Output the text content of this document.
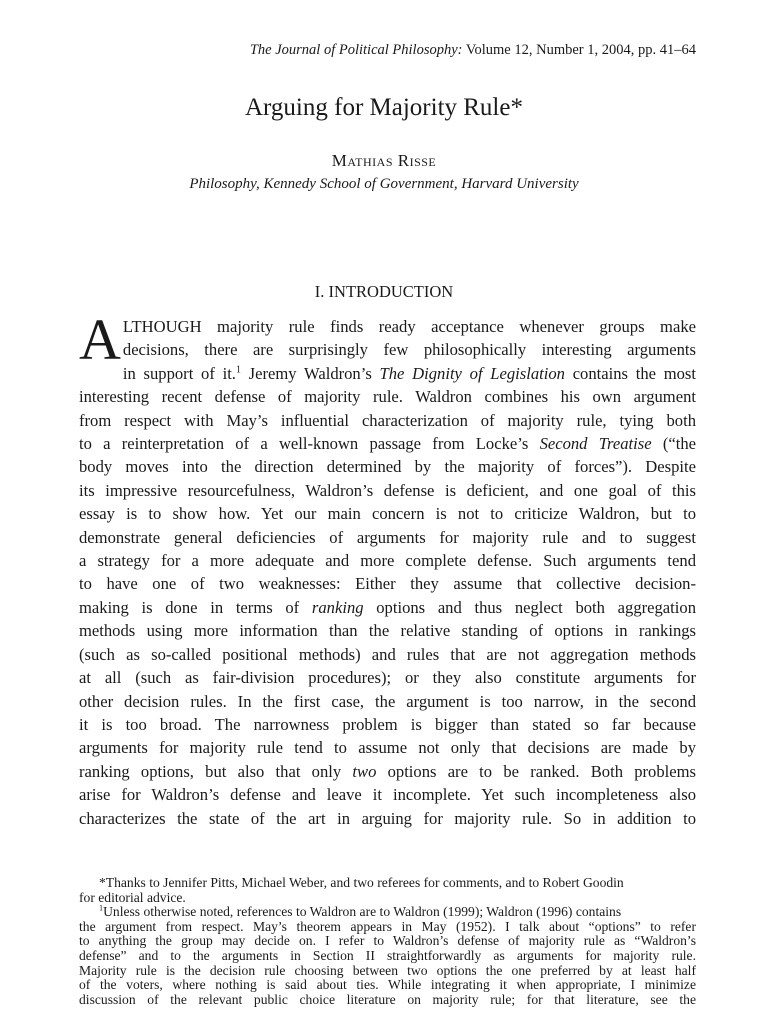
The Journal of Political Philosophy: Volume 12, Number 1, 2004, pp. 41–64
Arguing for Majority Rule*
Mathias Risse
Philosophy, Kennedy School of Government, Harvard University
I. INTRODUCTION
A LTHOUGH majority rule finds ready acceptance whenever groups make
decisions, there are surprisingly few philosophically interesting arguments
in support of it.$^1$ Jeremy Waldron’s The Dignity of Legislation contains the most
interesting recent defense of majority rule. Waldron combines his own argument
from respect with May’s influential characterization of majority rule, tying both
to a reinterpretation of a well-known passage from Locke’s Second Treatise (“the
body moves into the direction determined by the majority of forces”). Despite
its impressive resourcefulness, Waldron’s defense is deficient, and one goal of this
essay is to show how. Yet our main concern is not to criticize Waldron, but to
demonstrate general deficiencies of arguments for majority rule and to suggest
a strategy for a more adequate and more complete defense. Such arguments tend
to have one of two weaknesses: Either they assume that collective decision-
making is done in terms of ranking options and thus neglect both aggregation
methods using more information than the relative standing of options in rankings
(such as so-called positional methods) and rules that are not aggregation methods
at all (such as fair-division procedures); or they also constitute arguments for
other decision rules. In the first case, the argument is too narrow, in the second
it is too broad. The narrowness problem is bigger than stated so far because
arguments for majority rule tend to assume not only that decisions are made by
ranking options, but also that only two options are to be ranked. Both problems
arise for Waldron’s defense and leave it incomplete. Yet such incompleteness also
characterizes the state of the art in arguing for majority rule. So in addition to
*Thanks to Jennifer Pitts, Michael Weber, and two referees for comments, and to Robert Goodin
for editorial advice.
$^1$Unless otherwise noted, references to Waldron are to Waldron (1999); Waldron (1996) contains
the argument from respect. May’s theorem appears in May (1952). I talk about “options” to refer
to anything the group may decide on. I refer to Waldron’s defense of majority rule as “Waldron’s
defense” and to the arguments in Section II straightforwardly as arguments for majority rule.
Majority rule is the decision rule choosing between two options the one preferred by at least half
of the voters, where nothing is said about ties. While integrating it when appropriate, I minimize
discussion of the relevant public choice literature on majority rule; for that literature, see the
